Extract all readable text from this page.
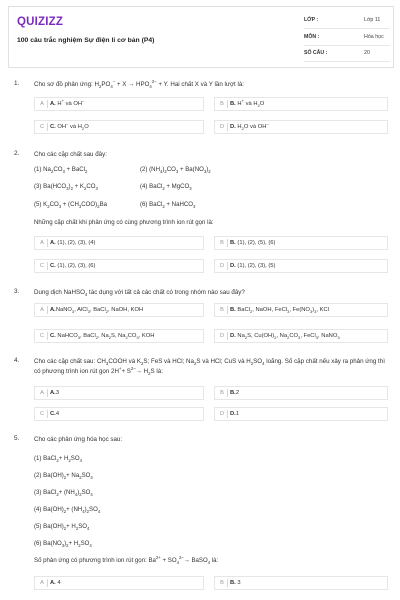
QUIZIZZ
100 câu trắc nghiệm Sự điện li cơ bản (P4)
LỚP :	Lớp 11
MÔN :	Hóa học
SỐ CÂU :	20
1. Cho sơ đồ phản ứng: $H_2PO_4^- + X \to HPO_4^{2-} + Y$. Hai chất X và Y lần lượt là:
A	A. H+ và OH–
B	B. H+ và $H_2O$
C	C. OH– và $H_2O$	D	D. $H_2O$ và OH–
2. Cho các cặp chất sau đây:
(1) $Na_2CO_3$ + BaCl$_2$	(2) $(NH_4)_2CO_3 + Ba(NO_3)_2$
(3) $Ba(HCO_3)_2 + K_2CO_3$	(4) BaCl$_2$ + MgCO$_3$
(5) $K_2CO_3 + (CH_3COO)_2Ba$	(6) BaCl$_2$ + NaHCO$_3$
Những cặp chất khi phản ứng có cùng phương trình ion rút gọn là:
A	A. (1), (2), (3), (4)	B	B. (1), (2), (5), (6)
C	C. (1), (2), (3), (6)	D	D. (1), (2), (3), (5)
3. Dung dịch NaHSO$_4$ tác dụng với tất cả các chất có trong nhóm nào sau đây?
A	A.NaNO$_3$, AlCl$_3$, BaCl$_2$, NaOH, KOH	B	B. BaCl$_2$, NaOH, FeCl$_3$, $Fe(NO_3)_3$, KCl
C	C. NaHCO$_3$, BaCl$_2$, $Na_2S$, $Na_2CO_3$, KOH	D	D. $Na_2S$, $Cu(OH)_2$, $Na_2CO_3$, FeCl$_3$, NaNO$_3$
4. Cho các cặp chất sau: $CH_3COOH$ và $K_2S$; FeS và HCl; $Na_2S$ và HCl; CuS và $H_2SO_4$ loãng. Số cặp chất nếu xảy ra phản ứng thì có phương trình ion rút gọn $2H^++ S^{2-}\to H_2S$ là:
A	A.3	B	B.2
C	C.4	D	D.1
5. Cho các phản ứng hóa học sau:
(1) BaCl$_2$+ $H_2SO_4$
(2) $Ba(OH)_2+ Na_2SO_4$
(3) BaCl$_2$+ $(NH_4)_2SO_4$
(4) $Ba(OH)_2+ (NH_4)_2SO_4$
(5) $Ba(OH)_2+ H_2SO_4$
(6) $Ba(NO_3)_2+ H_2SO_4$
Số phản ứng có phương trình ion rút gọn: $Ba^{2+} + SO_4^{2-}\to$ BaSO$_4$ là:
A	A. 4	B	B. 3
